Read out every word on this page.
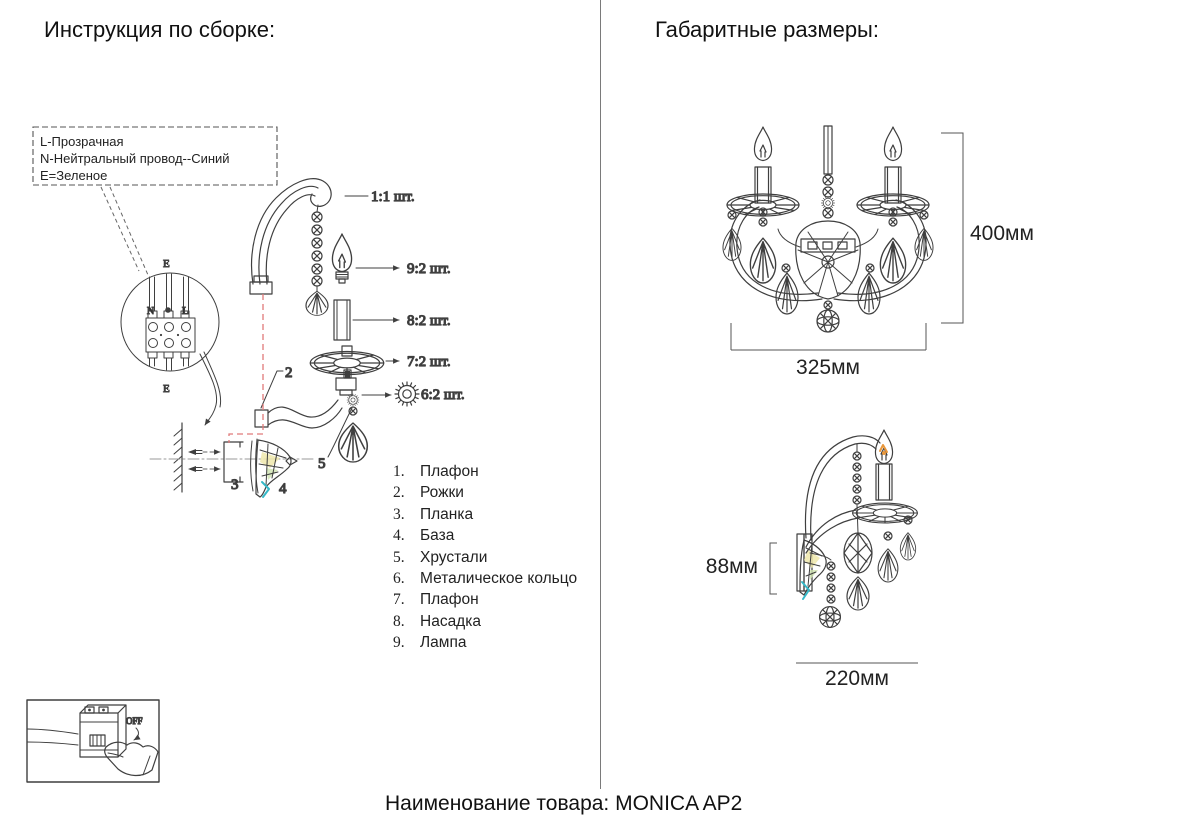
L-Прозрачная
N-Нейтральный провод--Синий
Е=Зеленое
Е
N	L
Е
3	4
2
1:1 шт.
9:2 шт.
8:2 шт.
7:2 шт.
6:2 шт.
5
OFF
400мм
325мм
88мм
220мм
Инструкция по сборке:	Габаритные размеры:
1. Плафон
2. Рожки
3. Планка
4. База
5. Хрустали
6. Металическое кольцо
7. Плафон
8. Насадка
9. Лампа
Наименование товара: MONICA AP2
